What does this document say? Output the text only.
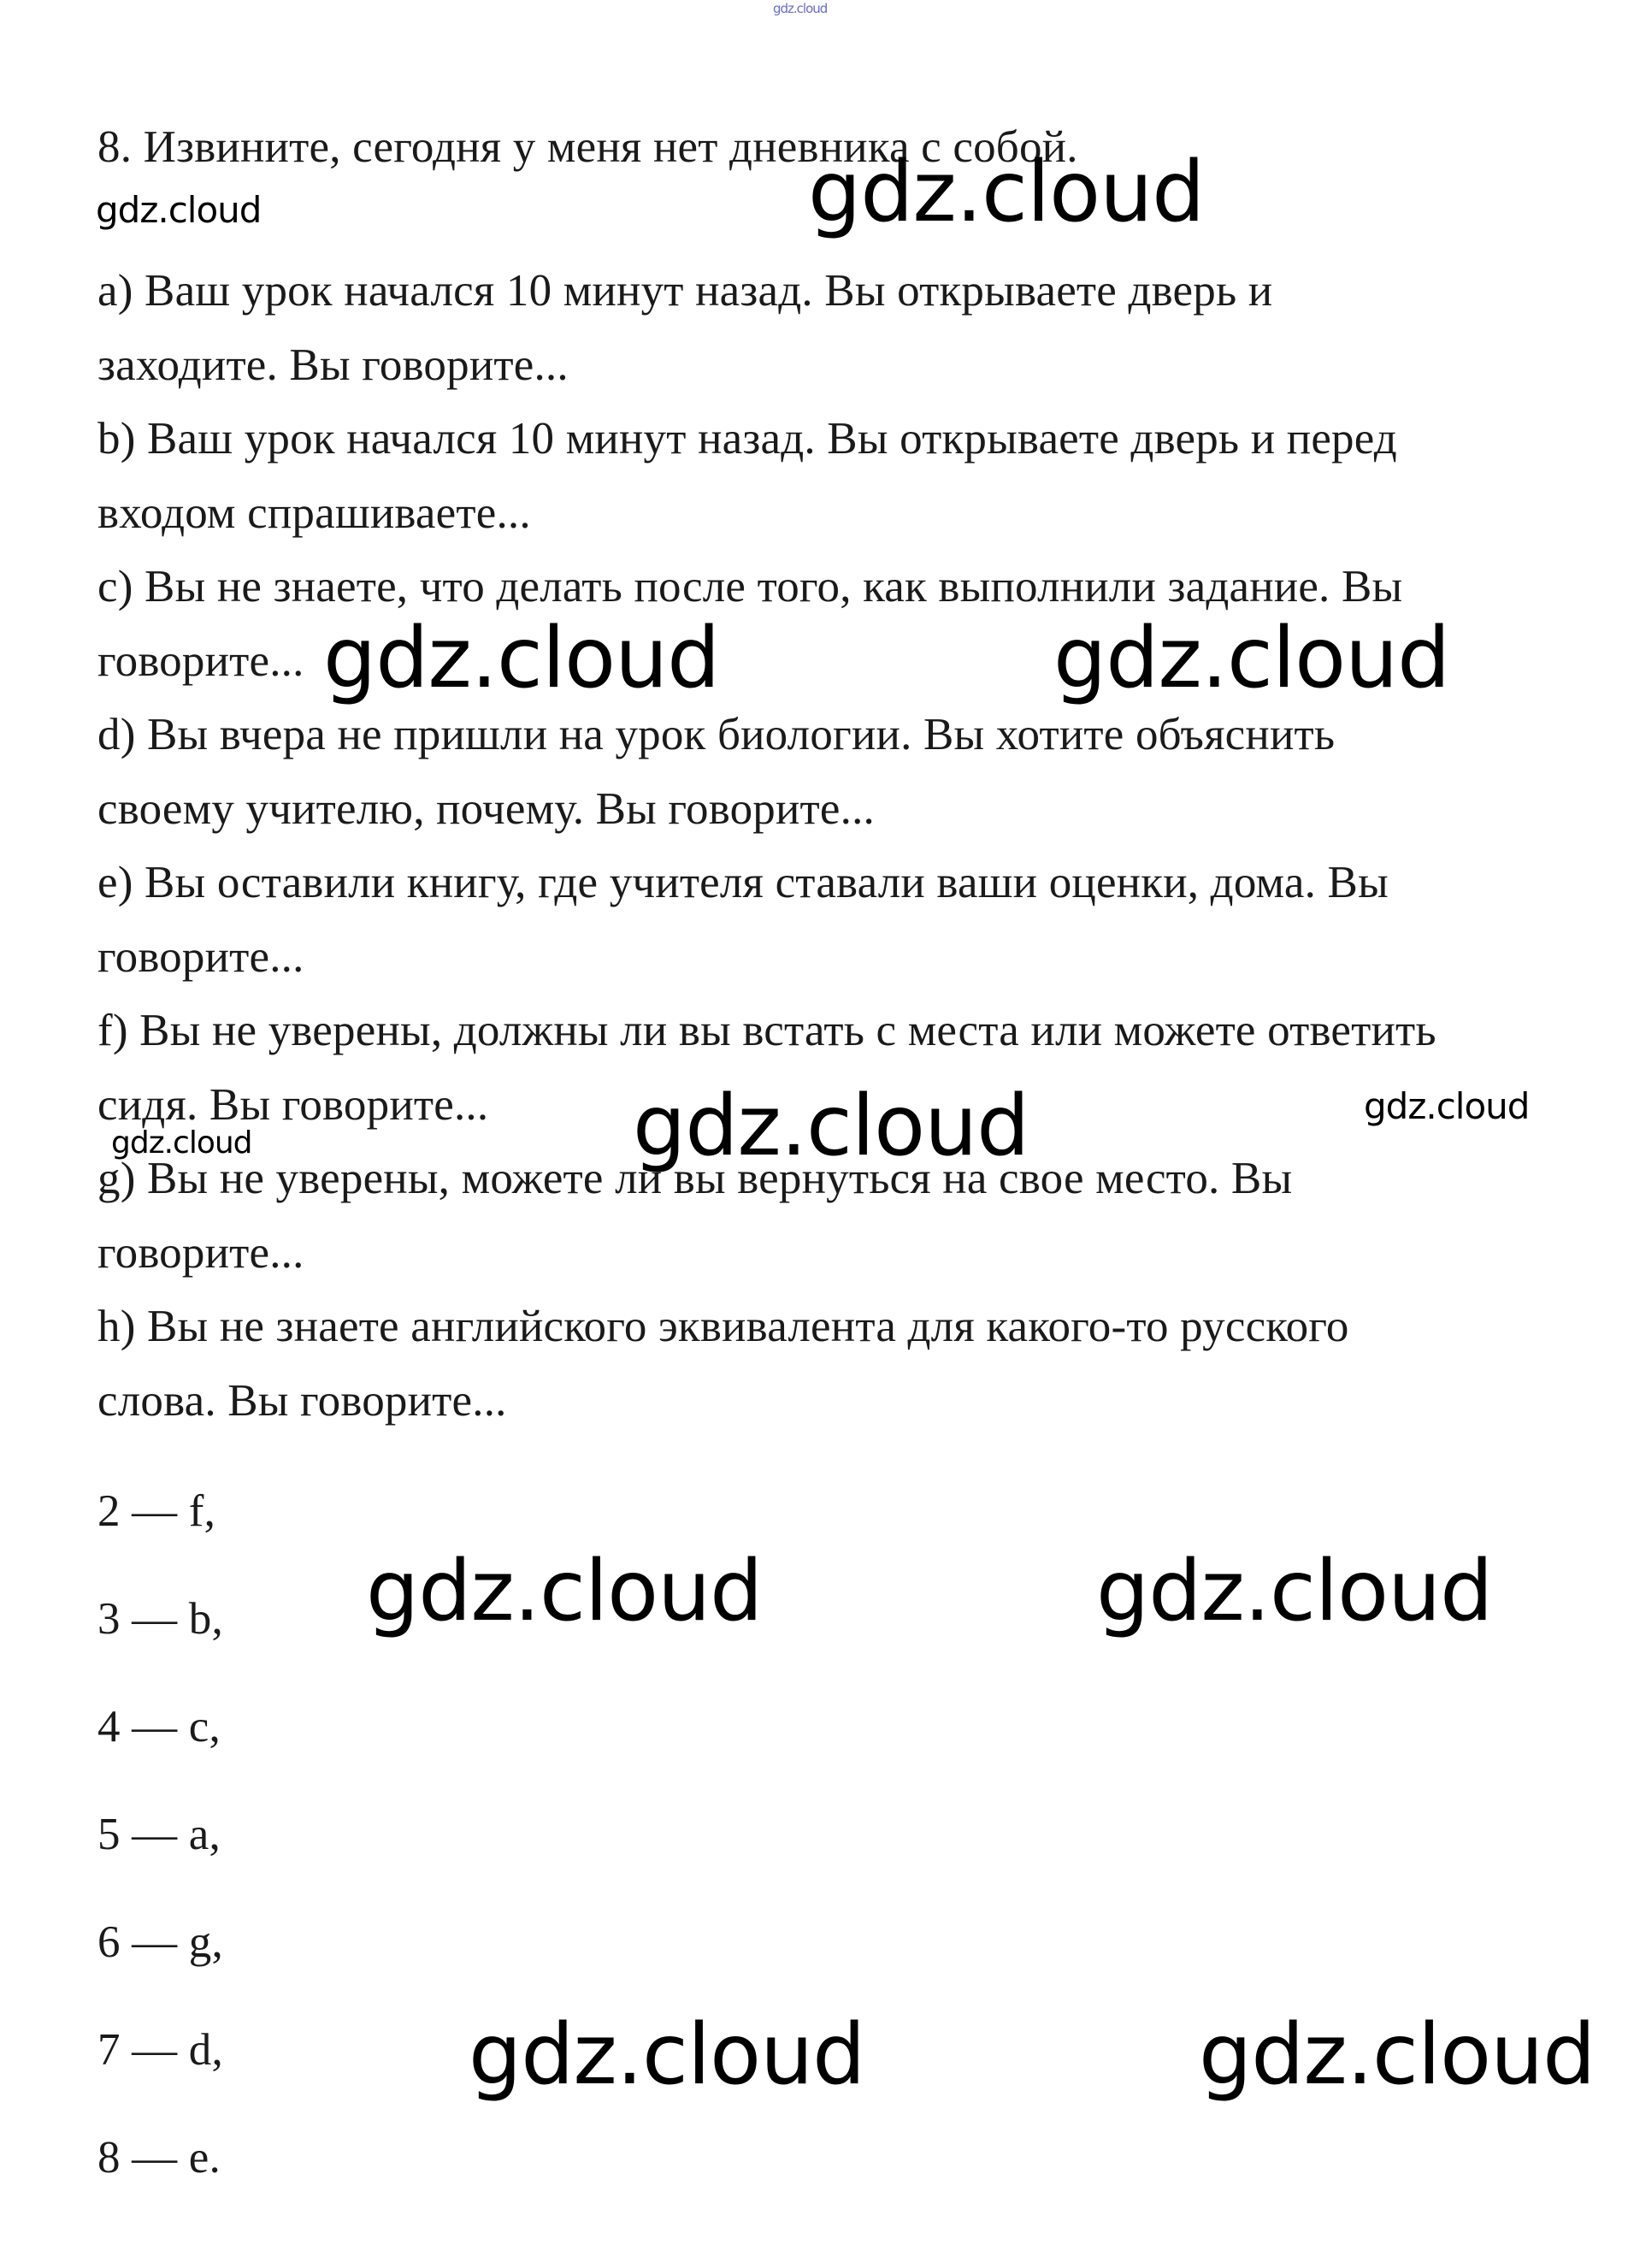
gdz.cloud
8. Извините, сегодня у меня нет дневника с собой.
a) Ваш урок начался 10 минут назад. Вы открываете дверь и
заходите. Вы говорите...
b) Ваш урок начался 10 минут назад. Вы открываете дверь и перед
входом спрашиваете...
c) Вы не знаете, что делать после того, как выполнили задание. Вы
говорите...
d) Вы вчера не пришли на урок биологии. Вы хотите объяснить
своему учителю, почему. Вы говорите...
e) Вы оставили книгу, где учителя ставали ваши оценки, дома. Вы
говорите...
f) Вы не уверены, должны ли вы встать с места или можете ответить
сидя. Вы говорите...
g) Вы не уверены, можете ли вы вернуться на свое место. Вы
говорите...
h) Вы не знаете английского эквивалента для какого-то русского
слова. Вы говорите...
2 — f,
3 — b,
4 — c,
5 — a,
6 — g,
7 — d,
8 — e.
gdz.cloud	gdz.cloud
gdz.cloud	gdz.cloud
gdz.cloud	gdz.cloud
gdz.cloud
gdz.cloud	gdz.cloud
gdz.cloud	gdz.cloud
